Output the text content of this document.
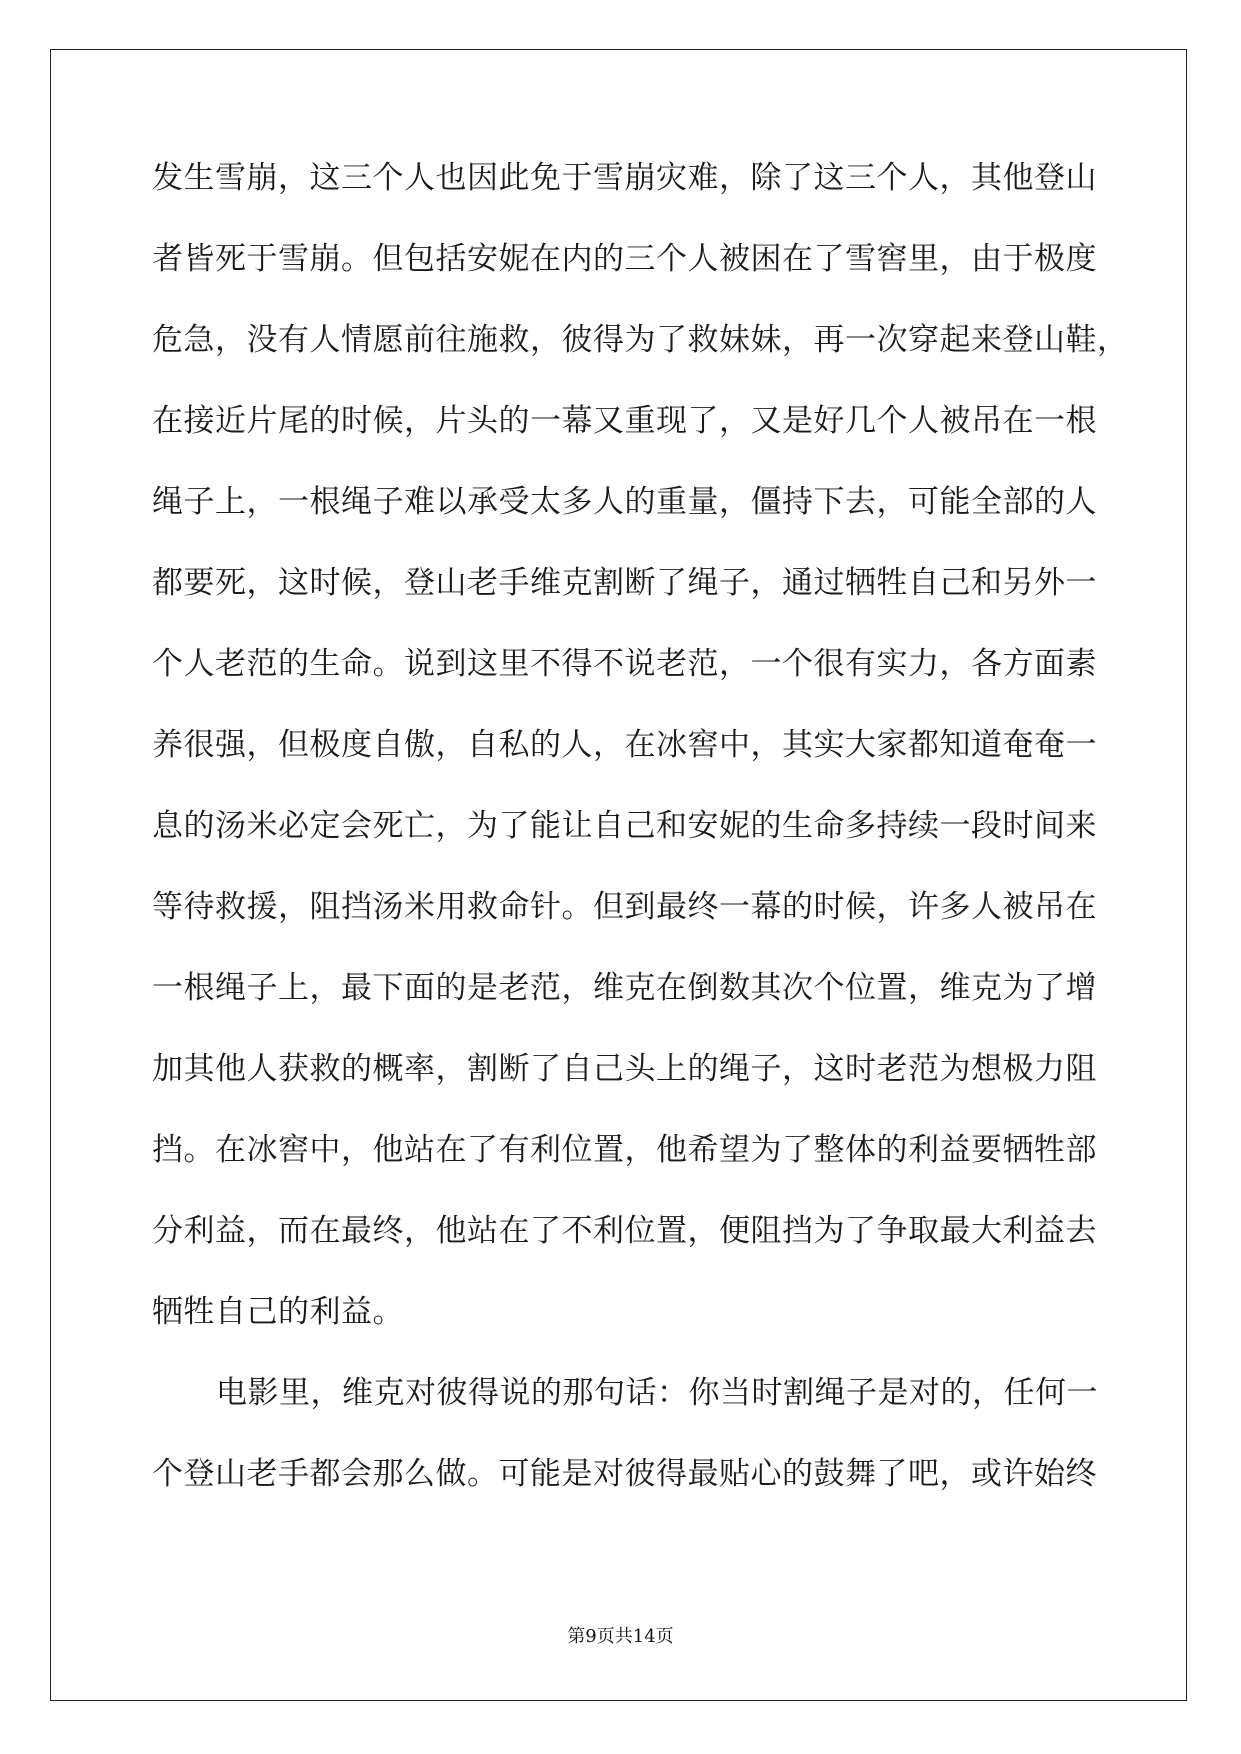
发生雪崩，这三个人也因此免于雪崩灾难，除了这三个人，其他登山
者皆死于雪崩。但包括安妮在内的三个人被困在了雪窖里，由于极度
危急，没有人情愿前往施救，彼得为了救妹妹，再一次穿起来登山鞋，
在接近片尾的时候，片头的一幕又重现了，又是好几个人被吊在一根
绳子上，一根绳子难以承受太多人的重量，僵持下去，可能全部的人
都要死，这时候，登山老手维克割断了绳子，通过牺牲自己和另外一
个人老范的生命。说到这里不得不说老范，一个很有实力，各方面素
养很强，但极度自傲，自私的人，在冰窖中，其实大家都知道奄奄一
息的汤米必定会死亡，为了能让自己和安妮的生命多持续一段时间来
等待救援，阻挡汤米用救命针。但到最终一幕的时候，许多人被吊在
一根绳子上，最下面的是老范，维克在倒数其次个位置，维克为了增
加其他人获救的概率，割断了自己头上的绳子，这时老范为想极力阻
挡。在冰窖中，他站在了有利位置，他希望为了整体的利益要牺牲部
分利益，而在最终，他站在了不利位置，便阻挡为了争取最大利益去
牺牲自己的利益。
电影里，维克对彼得说的那句话：你当时割绳子是对的，任何一
个登山老手都会那么做。可能是对彼得最贴心的鼓舞了吧，或许始终
第9页共14页
